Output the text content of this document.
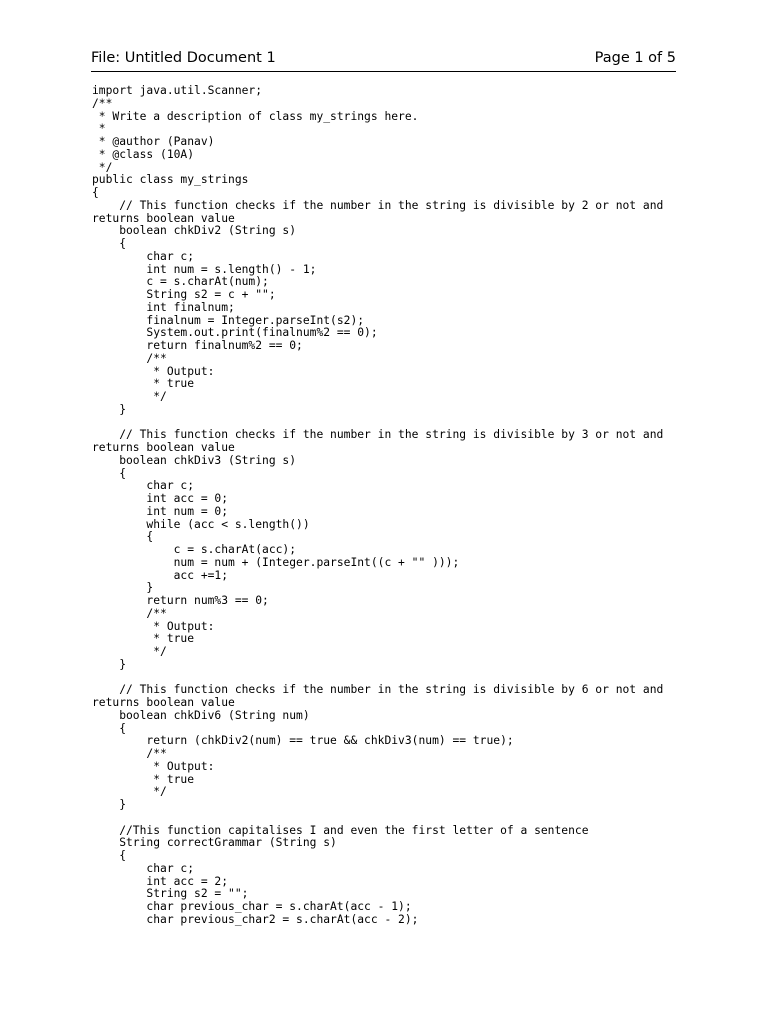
File: Untitled Document 1	Page 1 of 5
import java.util.Scanner;
/**
* Write a description of class my_strings here.
*
* @author (Panav)
* @class (10A)
*/
public class my_strings
{
// This function checks if the number in the string is divisible by 2 or not and
returns boolean value
boolean chkDiv2 (String s)
{
char c;
int num = s.length() - 1;
c = s.charAt(num);
String s2 = c + "";
int finalnum;
finalnum = Integer.parseInt(s2);
System.out.print(finalnum%2 == 0);
return finalnum%2 == 0;
/**
* Output:
* true
*/
}
// This function checks if the number in the string is divisible by 3 or not and
returns boolean value
boolean chkDiv3 (String s)
{
char c;
int acc = 0;
int num = 0;
while (acc < s.length())
{
c = s.charAt(acc);
num = num + (Integer.parseInt((c + "" )));
acc +=1;
}
return num%3 == 0;
/**
* Output:
* true
*/
}
// This function checks if the number in the string is divisible by 6 or not and
returns boolean value
boolean chkDiv6 (String num)
{
return (chkDiv2(num) == true && chkDiv3(num) == true);
/**
* Output:
* true
*/
}
//This function capitalises I and even the first letter of a sentence
String correctGrammar (String s)
{
char c;
int acc = 2;
String s2 = "";
char previous_char = s.charAt(acc - 1);
char previous_char2 = s.charAt(acc - 2);
